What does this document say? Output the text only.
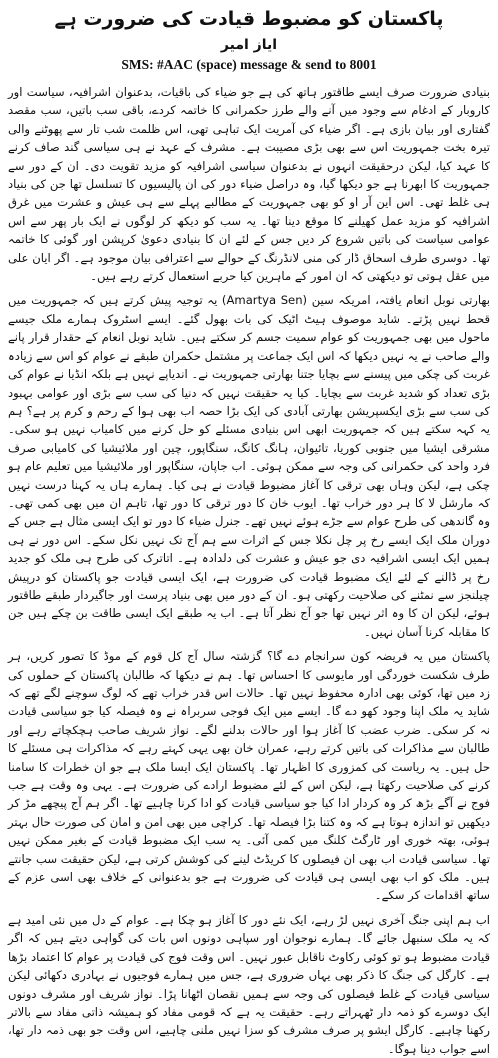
پاکستان کو مضبوط قیادت کی ضرورت ہے
ایاز امیر
SMS: #AAC (space) message & send to 8001

بنیادی ضرورت صرف ایسے طاقتور ہاتھ کی ہے جو ضیاء کی باقیات، بدعنوان اشرافیہ، سیاست اور کاروبار کے ادغام سے وجود میں آنے والے طرز حکمرانی کا خاتمہ کردے، باقی سب باتیں، سب مقصد گفتاری اور بیان بازی ہے۔ اگر ضیاء کی آمریت ایک تباہی تھی، اس ظلمت شب تار سے پھوٹنے والی تیرہ بخت جمہوریت اس سے بھی بڑی مصیبت ہے۔ مشرف کے عہد نے ہی سیاسی گند صاف کرنے کا عہد کیا، لیکن درحقیقت انہوں نے بدعنوان سیاسی اشرافیہ کو مزید تقویت دی۔ ان کے دور سے جمہوریت کا ابھرنا ہے جو دیکھا گیا، وہ دراصل ضیاء دور کی ان پالیسیوں کا تسلسل تھا جن کی بنیاد ہی غلط تھی۔ اس این آر او کو بھی جمہوریت کے مطالبے پہلے سے ہی عیش و عشرت میں غرق اشرافیہ کو مزید عمل کھیلنے کا موقع دینا تھا۔ یہ سب کو دیکھ کر لوگوں نے ایک بار پھر سے اس عوامی سیاست کی باتیں شروع کر دیں جس کے لئے ان کا بنیادی دعویٰ کرپشن اور گوئی کا خاتمہ تھا۔ دوسری طرف اسحاق ڈار کی منی لانڈرنگ کے حوالے سے اعترافی بیان موجود ہے۔ اگر ایان علی میں عقل ہوتی تو دیکھتی کہ ان امور کے ماہرین کیا حربے استعمال کرتے رہے ہیں۔

بھارتی نوبل انعام یافتہ، امریکہ سین (Amartya Sen) یہ توجیہ پیش کرتے ہیں کہ جمہوریت میں قحط نہیں پڑتے۔ شاید موصوف ہیٹ اٹیک کی بات بھول گئے۔ ایسے اسٹروک ہمارے ملک جیسے ماحول میں بھی جمہوریت کو عوام سمیت جسم کر سکتے ہیں۔ شاید نوبل انعام کے حقدار قرار پانے والے صاحب نے یہ نہیں دیکھا کہ اس ایک جماعت پر مشتمل حکمران طبقے نے عوام کو اس سے زیادہ غربت کی چکی میں پیسنے سے بچایا جتنا بھارتی جمہوریت نے۔ اندیاپے نہیں ہے بلکہ انڈیا نے عوام کی بڑی تعداد کو شدید غربت سے بچایا۔ کیا یہ حقیقت نہیں کہ دنیا کی سب سے بڑی اور عوامی بہبود کی سب سے بڑی ایکسپریشن بھارتی آبادی کی ایک بڑا حصہ اب بھی ہوا کے رحم و کرم پر ہے؟ ہم یہ کہہ سکتے ہیں کہ جمہوریت ابھی اس بنیادی مسئلے کو حل کرنے میں کامیاب نہیں ہو سکی۔ مشرقی ایشیا میں جنوبی کوریا، تائیوان، ہانگ کانگ، سنگاپور، چین اور ملائیشیا کی کامیابی صرف فرد واحد کی حکمرانی کی وجہ سے ممکن ہوئی۔ اب جاپان، سنگاپور اور ملائیشیا میں تعلیم عام ہو چکی ہے، لیکن وہاں بھی ترقی کا آغاز مضبوط قیادت نے ہی کیا۔ ہمارے ہاں یہ کہنا درست نہیں کہ مارشل لا کا ہر دور خراب تھا۔ ایوب خان کا دور ترقی کا دور تھا، تاہم ان میں بھی کمی تھی۔ وہ گاندھی کی طرح عوام سے جڑے ہوئے نہیں تھے۔ جنرل ضیاء کا دور تو ایک ایسی مثال ہے جس کے دوران ملک ایک ایسے رخ پر چل نکلا جس کے اثرات سے ہم آج تک نہیں نکل سکے۔ اس دور نے ہی ہمیں ایک ایسی اشرافیہ دی جو عیش و عشرت کی دلدادہ ہے۔ اتاترک کی طرح ہی ملک کو جدید رخ پر ڈالنے کے لئے ایک مضبوط قیادت کی ضرورت ہے، ایک ایسی قیادت جو پاکستان کو درپیش چیلنجز سے نمٹنے کی صلاحیت رکھتی ہو۔ ان کے دور میں بھی بنیاد پرست اور جاگیردار طبقے طاقتور ہوئے، لیکن ان کا وہ اثر نہیں تھا جو آج نظر آتا ہے۔ اب یہ طبقے ایک ایسی طاقت بن چکے ہیں جن کا مقابلہ کرنا آسان نہیں۔

پاکستان میں یہ فریضہ کون سرانجام دے گا؟ گزشتہ سال آج کل قوم کے موڈ کا تصور کریں، ہر طرف شکست خوردگی اور مایوسی کا احساس تھا۔ ہم نے دیکھا کہ طالبان پاکستان کے حملوں کی زد میں تھا، کوئی بھی ادارہ محفوظ نہیں تھا۔ حالات اس قدر خراب تھے کہ لوگ سوچنے لگے تھے کہ شاید یہ ملک اپنا وجود کھو دے گا۔ ایسے میں ایک فوجی سربراہ نے وہ فیصلہ کیا جو سیاسی قیادت نہ کر سکی۔ ضرب عضب کا آغاز ہوا اور حالات بدلنے لگے۔ نواز شریف صاحب ہچکچاتے رہے اور طالبان سے مذاکرات کی باتیں کرتے رہے، عمران خان بھی یہی کہتے رہے کہ مذاکرات ہی مسئلے کا حل ہیں۔ یہ ریاست کی کمزوری کا اظہار تھا۔ پاکستان ایک ایسا ملک ہے جو ان خطرات کا سامنا کرنے کی صلاحیت رکھتا ہے، لیکن اس کے لئے مضبوط ارادے کی ضرورت ہے۔ یہی وہ وقت ہے جب فوج نے آگے بڑھ کر وہ کردار ادا کیا جو سیاسی قیادت کو ادا کرنا چاہیے تھا۔ اگر ہم آج پیچھے مڑ کر دیکھیں تو اندازہ ہوتا ہے کہ وہ کتنا بڑا فیصلہ تھا۔ کراچی میں بھی امن و امان کی صورت حال بہتر ہوئی، بھتہ خوری اور ٹارگٹ کلنگ میں کمی آئی۔ یہ سب ایک مضبوط قیادت کے بغیر ممکن نہیں تھا۔ سیاسی قیادت اب بھی ان فیصلوں کا کریڈٹ لینے کی کوشش کرتی ہے، لیکن حقیقت سب جانتے ہیں۔ ملک کو اب بھی ایسی ہی قیادت کی ضرورت ہے جو بدعنوانی کے خلاف بھی اسی عزم کے ساتھ اقدامات کر سکے۔

اب ہم اپنی جنگ آخری نہیں لڑ رہے، ایک نئے دور کا آغاز ہو چکا ہے۔ عوام کے دل میں نئی امید ہے کہ یہ ملک سنبھل جائے گا۔ ہمارے نوجوان اور سپاہی دونوں اس بات کی گواہی دیتے ہیں کہ اگر قیادت مضبوط ہو تو کوئی رکاوٹ ناقابل عبور نہیں۔ اس وقت فوج کی قیادت پر عوام کا اعتماد بڑھا ہے۔ کارگل کی جنگ کا ذکر بھی یہاں ضروری ہے، جس میں ہمارے فوجیوں نے بہادری دکھائی لیکن سیاسی قیادت کے غلط فیصلوں کی وجہ سے ہمیں نقصان اٹھانا پڑا۔ نواز شریف اور مشرف دونوں ایک دوسرے کو ذمہ دار ٹھہراتے رہے۔ حقیقت یہ ہے کہ قومی مفاد کو ہمیشہ ذاتی مفاد سے بالاتر رکھنا چاہیے۔ کارگل ایشو پر صرف مشرف کو سزا نہیں ملنی چاہیے، اس وقت جو بھی ذمہ دار تھا، اسے جواب دینا ہوگا۔
